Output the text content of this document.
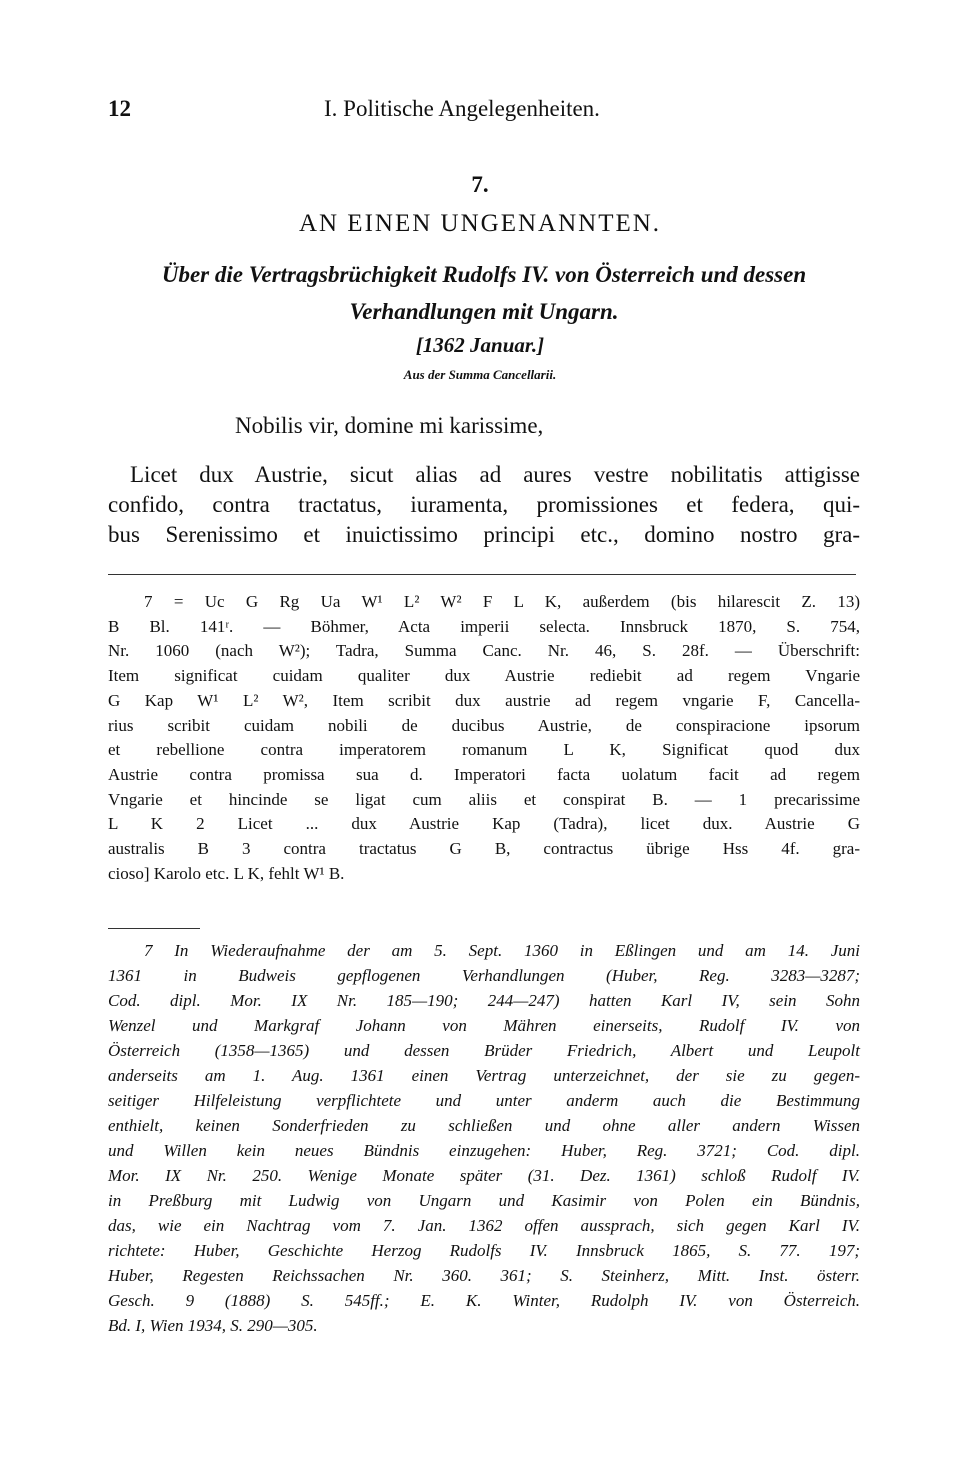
12	I. Politische Angelegenheiten.
7.
AN EINEN UNGENANNTEN.
Über die Vertragsbrüchigkeit Rudolfs IV. von Österreich und dessen
Verhandlungen mit Ungarn.
[1362 Januar.]
Aus der Summa Cancellarii.
Nobilis vir, domine mi karissime,
Licet dux Austrie, sicut alias ad aures vestre nobilitatis attigisse
confido, contra tractatus, iuramenta, promissiones et federa, qui-
bus Serenissimo et inuictissimo principi etc., domino nostro gra-
7 = Uc G Rg Ua W¹ L² W² F L K, außerdem (bis hilarescit Z. 13)
B Bl. 141ʳ. — Böhmer, Acta imperii selecta. Innsbruck 1870, S. 754,
Nr. 1060 (nach W²); Tadra, Summa Canc. Nr. 46, S. 28f. — Überschrift:
Item significat cuidam qualiter dux Austrie rediebit ad regem Vngarie
G Kap W¹ L² W², Item scribit dux austrie ad regem vngarie F, Cancella-
rius scribit cuidam nobili de ducibus Austrie, de conspiracione ipsorum
et rebellione contra imperatorem romanum L K, Significat quod dux
Austrie contra promissa sua d. Imperatori facta uolatum facit ad regem
Vngarie et hincinde se ligat cum aliis et conspirat B. — 1 precarissime
L K 2 Licet ... dux Austrie Kap (Tadra), licet dux. Austrie G
australis B 3 contra tractatus G B, contractus übrige Hss 4f. gra-
cioso] Karolo etc. L K, fehlt W¹ B.
7 In Wiederaufnahme der am 5. Sept. 1360 in Eßlingen und am 14. Juni
1361 in Budweis gepflogenen Verhandlungen (Huber, Reg. 3283—3287;
Cod. dipl. Mor. IX Nr. 185—190; 244—247) hatten Karl IV, sein Sohn
Wenzel und Markgraf Johann von Mähren einerseits, Rudolf IV. von
Österreich (1358—1365) und dessen Brüder Friedrich, Albert und Leupolt
anderseits am 1. Aug. 1361 einen Vertrag unterzeichnet, der sie zu gegen-
seitiger Hilfeleistung verpflichtete und unter anderm auch die Bestimmung
enthielt, keinen Sonderfrieden zu schließen und ohne aller andern Wissen
und Willen kein neues Bündnis einzugehen: Huber, Reg. 3721; Cod. dipl.
Mor. IX Nr. 250. Wenige Monate später (31. Dez. 1361) schloß Rudolf IV.
in Preßburg mit Ludwig von Ungarn und Kasimir von Polen ein Bündnis,
das, wie ein Nachtrag vom 7. Jan. 1362 offen aussprach, sich gegen Karl IV.
richtete: Huber, Geschichte Herzog Rudolfs IV. Innsbruck 1865, S. 77. 197;
Huber, Regesten Reichssachen Nr. 360. 361; S. Steinherz, Mitt. Inst. österr.
Gesch. 9 (1888) S. 545ff.; E. K. Winter, Rudolph IV. von Österreich.
Bd. I, Wien 1934, S. 290—305.
